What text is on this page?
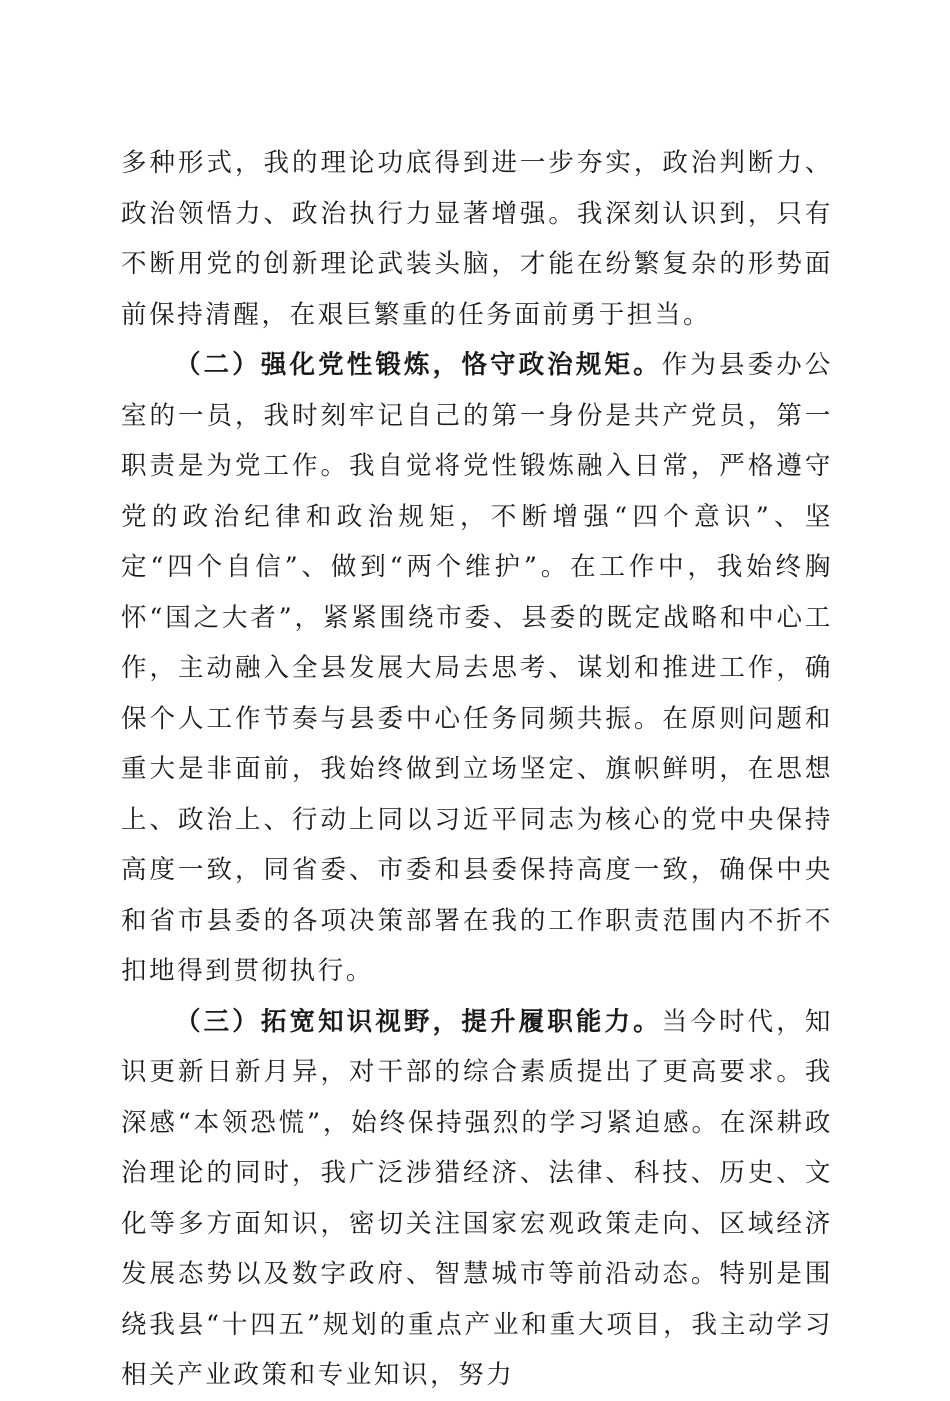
多种形式，我的理论功底得到进一步夯实，政治判断力、政治领悟力、政治执行力显著增强。我深刻认识到，只有不断用党的创新理论武装头脑，才能在纷繁复杂的形势面前保持清醒，在艰巨繁重的任务面前勇于担当。

（二）强化党性锻炼，恪守政治规矩。作为县委办公室的一员，我时刻牢记自己的第一身份是共产党员，第一职责是为党工作。我自觉将党性锻炼融入日常，严格遵守党的政治纪律和政治规矩，不断增强“四个意识”、坚定“四个自信”、做到“两个维护”。在工作中，我始终胸怀“国之大者”，紧紧围绕市委、县委的既定战略和中心工作，主动融入全县发展大局去思考、谋划和推进工作，确保个人工作节奏与县委中心任务同频共振。在原则问题和重大是非面前，我始终做到立场坚定、旗帜鲜明，在思想上、政治上、行动上同以习近平同志为核心的党中央保持高度一致，同省委、市委和县委保持高度一致，确保中央和省市县委的各项决策部署在我的工作职责范围内不折不扣地得到贯彻执行。

（三）拓宽知识视野，提升履职能力。当今时代，知识更新日新月异，对干部的综合素质提出了更高要求。我深感“本领恐慌”，始终保持强烈的学习紧迫感。在深耕政治理论的同时，我广泛涉猎经济、法律、科技、历史、文化等多方面知识，密切关注国家宏观政策走向、区域经济发展态势以及数字政府、智慧城市等前沿动态。特别是围绕我县“十四五”规划的重点产业和重大项目，我主动学习相关产业政策和专业知识，努力
